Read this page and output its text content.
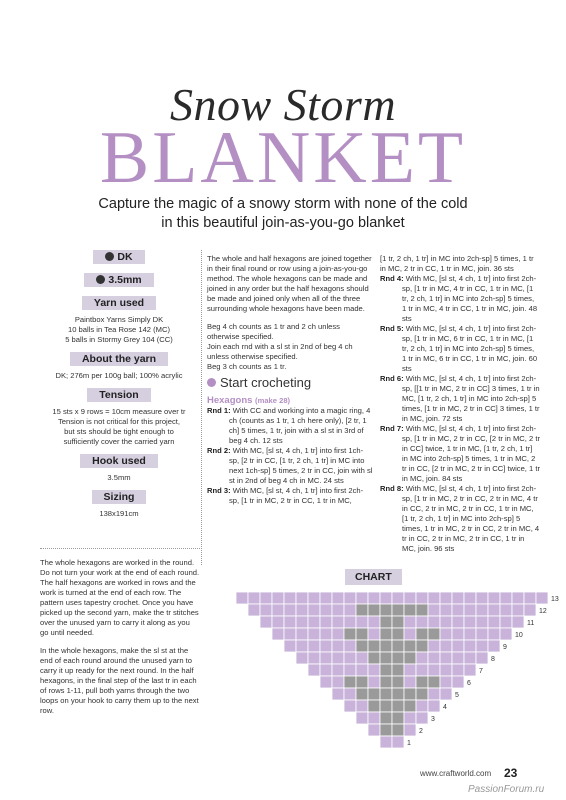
Snow Storm
BLANKET
Capture the magic of a snowy storm with none of the cold
in this beautiful join-as-you-go blanket
DK
3.5mm
Yarn used
Paintbox Yarns Simply DK
10 balls in Tea Rose 142 (MC)
5 balls in Stormy Grey 104 (CC)
About the yarn
DK; 276m per 100g ball; 100% acrylic
Tension
15 sts x 9 rows = 10cm measure over tr
Tension is not critical for this project,
but sts should be tight enough to
sufficiently cover the carried yarn
Hook used
3.5mm
Sizing
138x191cm

The whole hexagons are worked in the round. Do not turn your work at the end of each round. The half hexagons are worked in rows and the work is turned at the end of each row. The pattern uses tapestry crochet. Once you have picked up the second yarn, make the tr stitches over the unused yarn to carry it along as you go until needed.

In the whole hexagons, make the sl st at the end of each round around the unused yarn to carry it up ready for the next round. In the half hexagons, in the final step of the last tr in each of rows 1-11, pull both yarns through the two loops on your hook to carry them up to the next row.

The whole and half hexagons are joined together in their final round or row using a join-as-you-go method. The whole hexagons can be made and joined in any order but the half hexagons should be made and joined only when all of the three surrounding whole hexagons have been made.

Beg 4 ch counts as 1 tr and 2 ch unless otherwise specified.
Join each rnd with a sl st in 2nd of beg 4 ch unless otherwise specified.
Beg 3 ch counts as 1 tr.
Start crocheting
Hexagons (make 28)
Rnd 1: With CC and working into a magic ring, 4 ch (counts as 1 tr, 1 ch here only), [2 tr, 1 ch] 5 times, 1 tr, join with a sl st in 3rd of beg 4 ch. 12 sts
Rnd 2: With MC, [sl st, 4 ch, 1 tr] into first 1ch-sp, [2 tr in CC, [1 tr, 2 ch, 1 tr] in MC into next 1ch-sp] 5 times, 2 tr in CC, join with sl st in 2nd of beg 4 ch in MC. 24 sts
Rnd 3: With MC, [sl st, 4 ch, 1 tr] into first 2ch-sp, [1 tr in MC, 2 tr in CC, 1 tr in MC,
[1 tr, 2 ch, 1 tr] in MC into 2ch-sp] 5 times, 1 tr in MC, 2 tr in CC, 1 tr in MC, join. 36 sts
Rnd 4: With MC, [sl st, 4 ch, 1 tr] into first 2ch-sp, [1 tr in MC, 4 tr in CC, 1 tr in MC, [1 tr, 2 ch, 1 tr] in MC into 2ch-sp] 5 times, 1 tr in MC, 4 tr in CC, 1 tr in MC, join. 48 sts
Rnd 5: With MC, [sl st, 4 ch, 1 tr] into first 2ch-sp, [1 tr in MC, 6 tr in CC, 1 tr in MC, [1 tr, 2 ch, 1 tr] in MC into 2ch-sp] 5 times, 1 tr in MC, 6 tr in CC, 1 tr in MC, join. 60 sts
Rnd 6: With MC, [sl st, 4 ch, 1 tr] into first 2ch-sp, [[1 tr in MC, 2 tr in CC] 3 times, 1 tr in MC, [1 tr, 2 ch, 1 tr] in MC into 2ch-sp] 5 times, [1 tr in MC, 2 tr in CC] 3 times, 1 tr in MC, join. 72 sts
Rnd 7: With MC, [sl st, 4 ch, 1 tr] into first 2ch-sp, [1 tr in MC, 2 tr in CC, [2 tr in MC, 2 tr in CC] twice, 1 tr in MC, [1 tr, 2 ch, 1 tr] in MC into 2ch-sp] 5 times, 1 tr in MC, 2 tr in CC, [2 tr in MC, 2 tr in CC] twice, 1 tr in MC, join. 84 sts
Rnd 8: With MC, [sl st, 4 ch, 1 tr] into first 2ch-sp, [1 tr in MC, 2 tr in CC, 2 tr in MC, 4 tr in CC, 2 tr in MC, 2 tr in CC, 1 tr in MC, [1 tr, 2 ch, 1 tr] in MC into 2ch-sp] 5 times, 1 tr in MC, 2 tr in CC, 2 tr in MC, 4 tr in CC, 2 tr in MC, 2 tr in CC, 1 tr in MC, join. 96 sts
CHART
13
12
11
10
9
8
7
6
5
4
3
2
1
www.craftworld.com 23
PassionForum.ru
